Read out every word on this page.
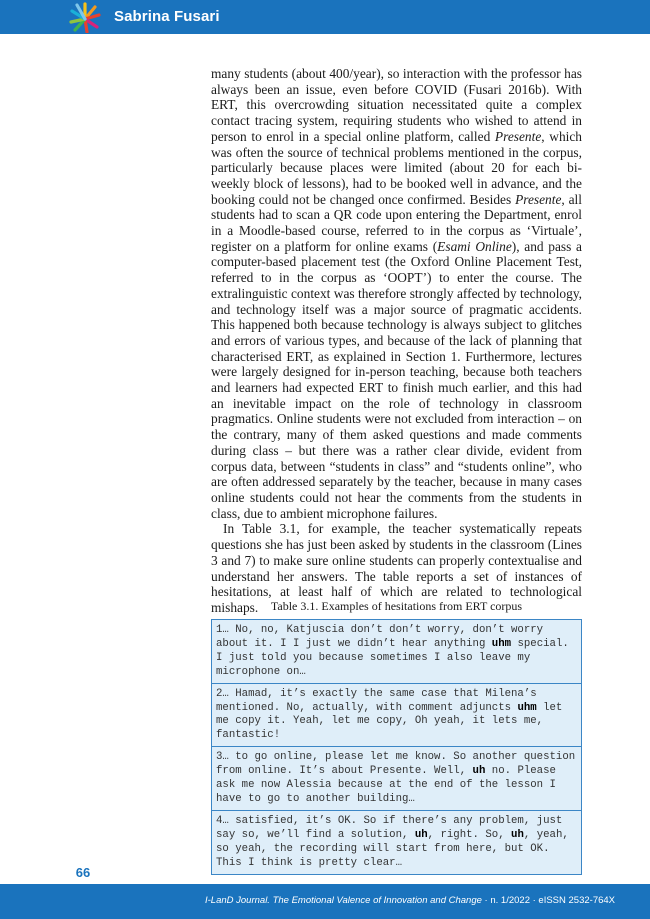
Sabrina Fusari

many students (about 400/year), so interaction with the professor has always been an issue, even before COVID (Fusari 2016b). With ERT, this overcrowding situation necessitated quite a complex contact tracing system, requiring students who wished to attend in person to enrol in a special online platform, called Presente, which was often the source of technical problems mentioned in the corpus, particularly because places were limited (about 20 for each bi-weekly block of lessons), had to be booked well in advance, and the booking could not be changed once confirmed. Besides Presente, all students had to scan a QR code upon entering the Department, enrol in a Moodle-based course, referred to in the corpus as ‘Virtuale’, register on a platform for online exams (Esami Online), and pass a computer-based placement test (the Oxford Online Placement Test, referred to in the corpus as ‘OOPT’) to enter the course. The extralinguistic context was therefore strongly affected by technology, and technology itself was a major source of pragmatic accidents. This happened both because technology is always subject to glitches and errors of various types, and because of the lack of planning that characterised ERT, as explained in Section 1. Furthermore, lectures were largely designed for in-person teaching, because both teachers and learners had expected ERT to finish much earlier, and this had an inevitable impact on the role of technology in classroom pragmatics. Online students were not excluded from interaction – on the contrary, many of them asked questions and made comments during class – but there was a rather clear divide, evident from corpus data, between “students in class” and “students online”, who are often addressed separately by the teacher, because in many cases online students could not hear the comments from the students in class, due to ambient microphone failures.

In Table 3.1, for example, the teacher systematically repeats questions she has just been asked by students in the classroom (Lines 3 and 7) to make sure online students can properly contextualise and understand her answers. The table reports a set of instances of hesitations, at least half of which are related to technological mishaps.	Table 3.1. Examples of hesitations from ERT corpus
1… No, no, Katjuscia don’t don’t worry, don’t worry about it. I I just we didn’t hear anything uhm special. I just told you because sometimes I also leave my microphone on…
2… Hamad, it’s exactly the same case that Milena’s mentioned. No, actually, with comment adjuncts uhm let me copy it. Yeah, let me copy, Oh yeah, it lets me, fantastic!
3… to go online, please let me know. So another question from online. It’s about Presente. Well, uh no. Please ask me now Alessia because at the end of the lesson I have to go to another building…
4… satisfied, it’s OK. So if there’s any problem, just say so, we’ll find a solution, uh, right. So, uh, yeah, so yeah, the recording will start from here, but OK. This I think is pretty clear…
66
I-LanD Journal. The Emotional Valence of Innovation and Change · n. 1/2022 · eISSN 2532-764X
